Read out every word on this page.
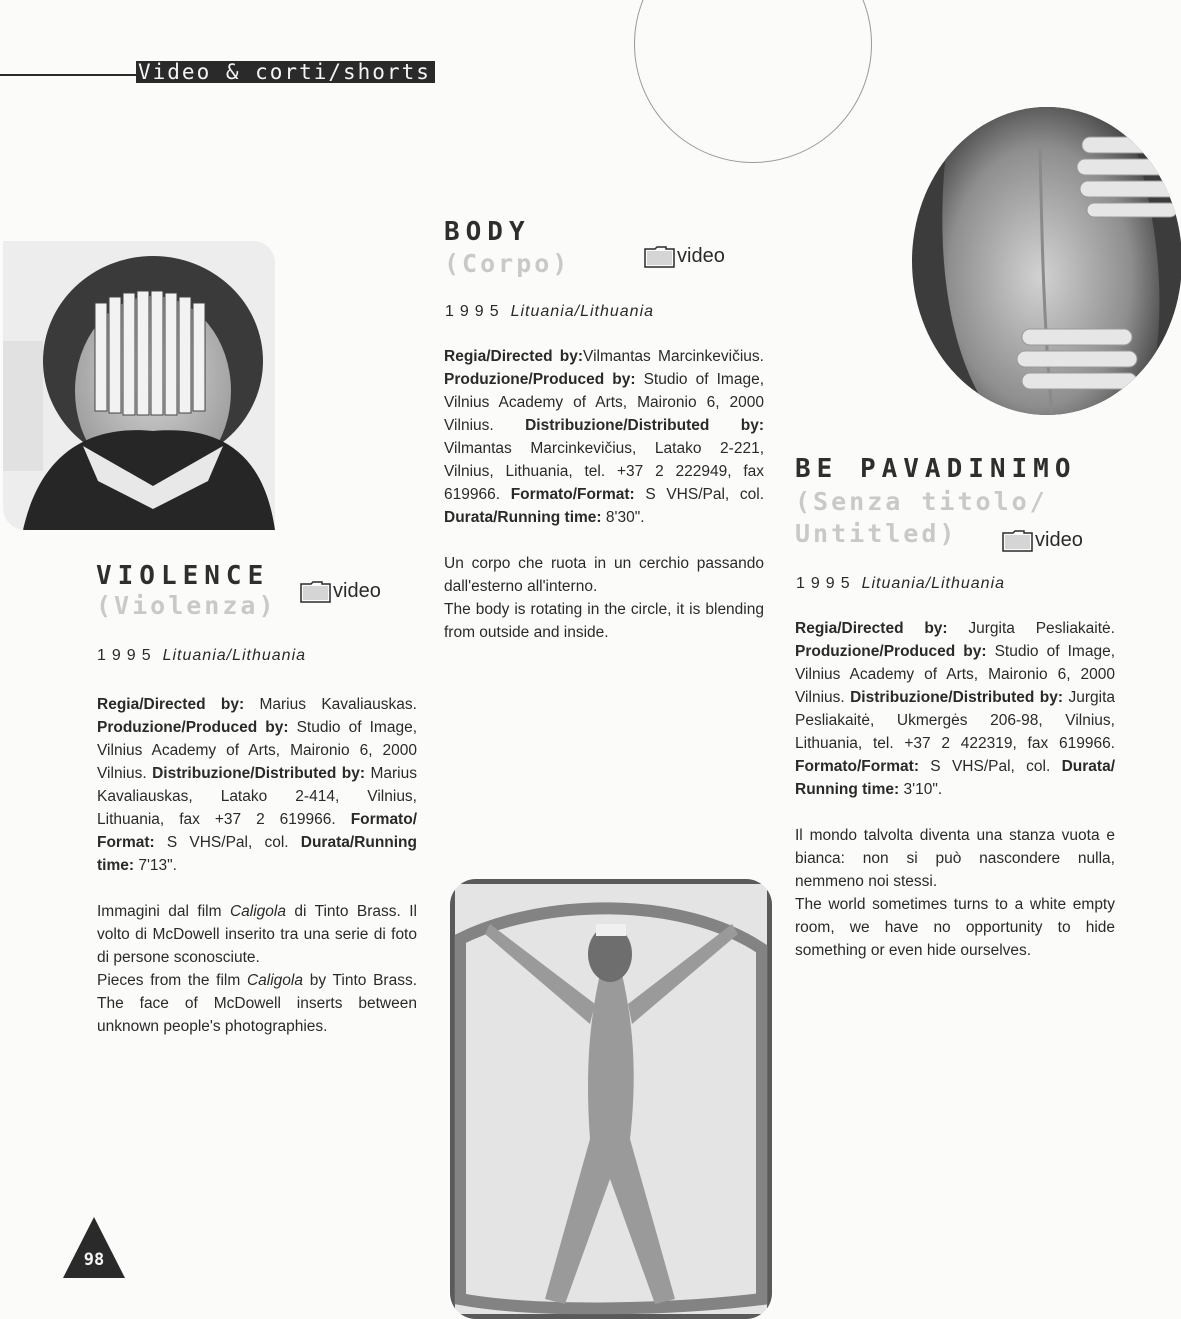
Video & corti/shorts
VIOLENCE
(Violenza)	video
1995 Lituania/Lithuania

Regia/Directed by: Marius Kavaliauskas. Produzione/Produced by: Studio of Image, Vilnius Academy of Arts, Maironio 6, 2000 Vilnius. Distribuzione/Distributed by: Marius Kavaliauskas, Latako 2-414, Vilnius, Lithuania, fax +37 2 619966. Formato/ Format: S VHS/Pal, col. Durata/Running time: 7'13".

Immagini dal film Caligola di Tinto Brass. Il volto di McDowell inserito tra una serie di foto di persone sconosciute.

Pieces from the film Caligola by Tinto Brass. The face of McDowell inserts between unknown people's photographies.

BODY
(Corpo)	video
1995 Lituania/Lithuania

Regia/Directed by:Vilmantas Marcinkevičius. Produzione/Produced by: Studio of Image, Vilnius Academy of Arts, Maironio 6, 2000 Vilnius. Distribuzione/Distributed by: Vilmantas Marcinkevičius, Latako 2-221, Vilnius, Lithuania, tel. +37 2 222949, fax 619966. Formato/Format: S VHS/Pal, col. Durata/Running time: 8'30".

Un corpo che ruota in un cerchio passando dall'esterno all'interno.

The body is rotating in the circle, it is blending from outside and inside.

BE PAVADINIMO
(Senza titolo/
Untitled)	video
1995 Lituania/Lithuania

Regia/Directed by: Jurgita Pesliakaitė. Produzione/Produced by: Studio of Image, Vilnius Academy of Arts, Maironio 6, 2000 Vilnius. Distribuzione/Distributed by: Jurgita Pesliakaitė, Ukmergės 206-98, Vilnius, Lithuania, tel. +37 2 422319, fax 619966. Formato/Format: S VHS/Pal, col. Durata/ Running time: 3'10".

Il mondo talvolta diventa una stanza vuota e bianca: non si può nascondere nulla, nemmeno noi stessi.

The world sometimes turns to a white empty room, we have no opportunity to hide something or even hide ourselves.

98
